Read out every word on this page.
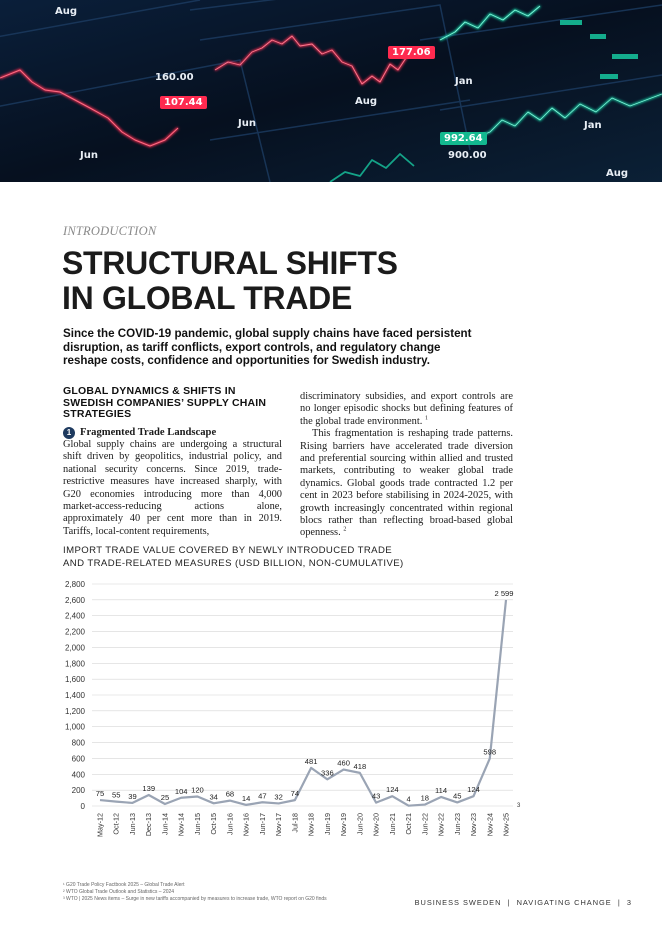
Aug
Jun
160.00
Aug
Jan
Jun
Jan
900.00
Aug
107.44
177.06
992.64
INTRODUCTION
STRUCTURAL SHIFTS
IN GLOBAL TRADE

Since the COVID-19 pandemic, global supply chains have faced persistent disruption, as tariff conflicts, export controls, and regulatory change reshape costs, confidence and opportunities for Swedish industry.

GLOBAL DYNAMICS & SHIFTS IN SWEDISH COMPANIES’ SUPPLY CHAIN STRATEGIES
1 Fragmented Trade Landscape

Global supply chains are undergoing a structural shift driven by geopolitics, industrial policy, and national security concerns. Since 2019, trade-restrictive measures have increased sharply, with G20 economies introducing more than 4,000 market-access-reducing actions alone, approximately 40 per cent more than in 2019. Tariffs, local-content requirements,

discriminatory subsidies, and export controls are no longer episodic shocks but defining features of the global trade environment. $^1$

This fragmentation is reshaping trade patterns. Rising barriers have accelerated trade diversion and preferential sourcing within allied and trusted markets, contributing to weaker global trade dynamics. Global goods trade contracted 1.2 per cent in 2023 before stabilising in 2024-2025, with growth increasingly concentrated within regional blocs rather than reflecting broad-based global openness. $^2$

IMPORT TRADE VALUE COVERED BY NEWLY INTRODUCED TRADE
AND TRADE-RELATED MEASURES (USD BILLION, NON-CUMULATIVE)

0
200
400
600
800
1,000
1,200
1,400
1,600
1,800
2,000
2,200
2,400
2,600
2,800
May-12 Oct-12 Jun-13 Dec-13 Jun-14 Nov-14 Jun-15 Oct-15 Jun-16 Nov-16 Jun-17 Nov-17 Jul-18 Nov-18 Jun-19 Nov-19 Jun-20 Nov-20 Jun-21 Oct-21 Jun-22 Nov-22 Jun-23 Nov-23 Nov-24 Nov-25
75 55 39
139
25
104 120
34 68 14 47 32 74
481
336
460 418
43
124
4 18
114
45
124
598
2 599
3
¹ G20 Trade Policy Factbook 2025 – Global Trade Alert
² WTO Global Trade Outlook and Statistics – 2024
³ WTO | 2025 News items – Surge in new tariffs accompanied by measures to increase trade, WTO report on G20 finds	BUSINESS SWEDEN | NAVIGATING CHANGE | 3
